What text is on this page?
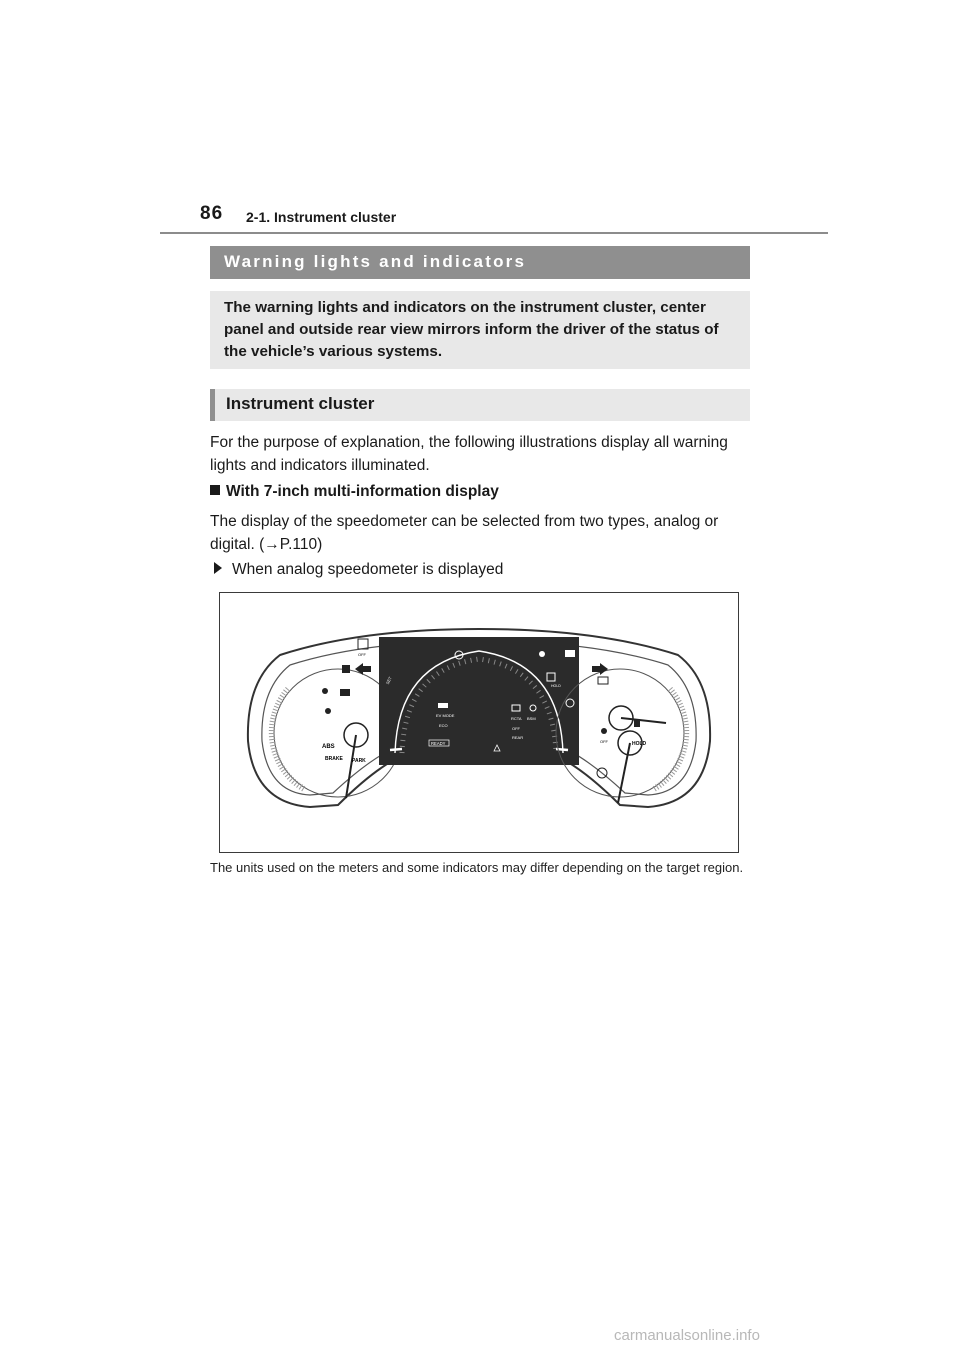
86 2-1. Instrument cluster
Warning lights and indicators

The warning lights and indicators on the instrument cluster, center panel and outside rear view mirrors inform the driver of the status of the vehicle’s various systems.

Instrument cluster
For the purpose of explanation, the following illustrations display all warning lights and indicators illuminated.
With 7-inch multi-information display
The display of the speedometer can be selected from two types, analog or digital. (→P.110)
When analog speedometer is displayed
ABS
BRAKE PARK
OFF
HOLD
SET
EV MODE
ECO
READY
RCTA BSM
OFF
REAR
OFF	HOLD
The units used on the meters and some indicators may differ depending on the target region.
carmanualsonline.info
